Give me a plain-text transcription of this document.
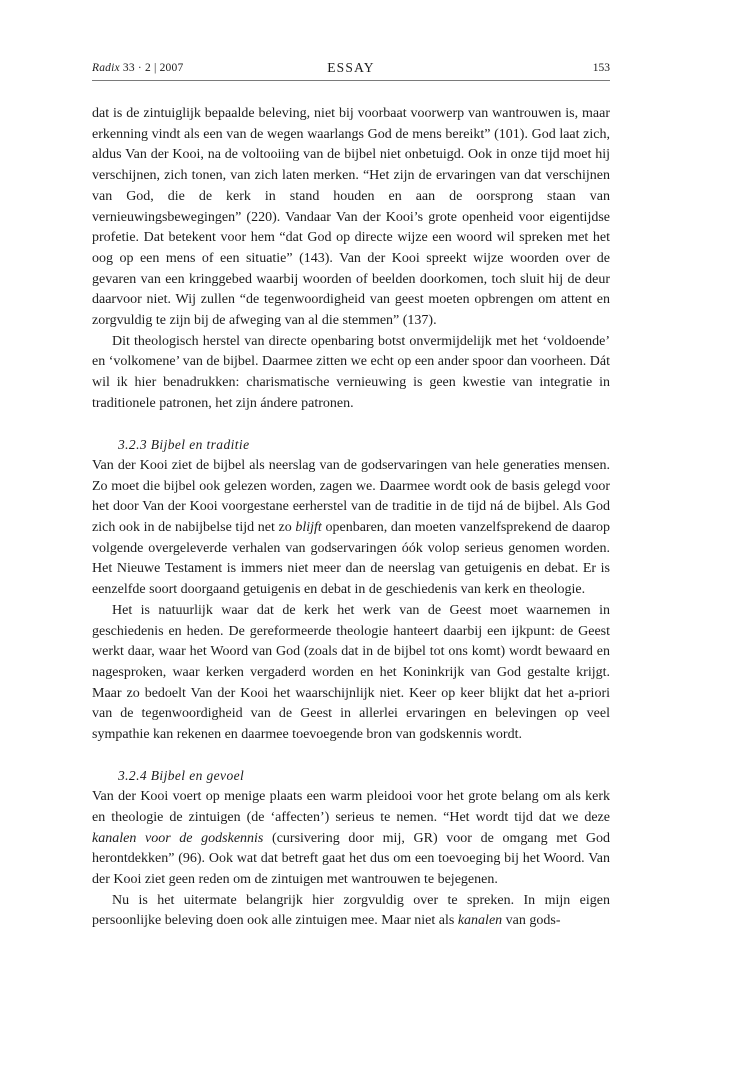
Radix 33 · 2 | 2007	ESSAY	153

dat is de zintuiglijk bepaalde beleving, niet bij voorbaat voorwerp van wantrouwen is, maar erkenning vindt als een van de wegen waarlangs God de mens bereikt” (101). God laat zich, aldus Van der Kooi, na de voltooiing van de bijbel niet onbetuigd. Ook in onze tijd moet hij verschijnen, zich tonen, van zich laten merken. “Het zijn de ervaringen van dat verschijnen van God, die de kerk in stand houden en aan de oorsprong staan van vernieuwingsbewegingen” (220). Vandaar Van der Kooi’s grote openheid voor eigentijdse profetie. Dat betekent voor hem “dat God op directe wijze een woord wil spreken met het oog op een mens of een situatie” (143). Van der Kooi spreekt wijze woorden over de gevaren van een kringgebed waarbij woorden of beelden doorkomen, toch sluit hij de deur daarvoor niet. Wij zullen “de tegenwoordigheid van geest moeten opbrengen om attent en zorgvuldig te zijn bij de afweging van al die stemmen” (137).

Dit theologisch herstel van directe openbaring botst onvermijdelijk met het ‘voldoende’ en ‘volkomene’ van de bijbel. Daarmee zitten we echt op een ander spoor dan voorheen. Dát wil ik hier benadrukken: charismatische vernieuwing is geen kwestie van integratie in traditionele patronen, het zijn ándere patronen.

3.2.3 Bijbel en traditie

Van der Kooi ziet de bijbel als neerslag van de godservaringen van hele generaties mensen. Zo moet die bijbel ook gelezen worden, zagen we. Daarmee wordt ook de basis gelegd voor het door Van der Kooi voorgestane eerherstel van de traditie in de tijd ná de bijbel. Als God zich ook in de nabijbelse tijd net zo blijft openbaren, dan moeten vanzelfsprekend de daarop volgende overgeleverde verhalen van godservaringen óók volop serieus genomen worden. Het Nieuwe Testament is immers niet meer dan de neerslag van getuigenis en debat. Er is eenzelfde soort doorgaand getuigenis en debat in de geschiedenis van kerk en theologie.

Het is natuurlijk waar dat de kerk het werk van de Geest moet waarnemen in geschiedenis en heden. De gereformeerde theologie hanteert daarbij een ijkpunt: de Geest werkt daar, waar het Woord van God (zoals dat in de bijbel tot ons komt) wordt bewaard en nagesproken, waar kerken vergaderd worden en het Koninkrijk van God gestalte krijgt. Maar zo bedoelt Van der Kooi het waarschijnlijk niet. Keer op keer blijkt dat het a-priori van de tegenwoordigheid van de Geest in allerlei ervaringen en belevingen op veel sympathie kan rekenen en daarmee toevoegende bron van godskennis wordt.

3.2.4 Bijbel en gevoel

Van der Kooi voert op menige plaats een warm pleidooi voor het grote belang om als kerk en theologie de zintuigen (de ‘affecten’) serieus te nemen. “Het wordt tijd dat we deze kanalen voor de godskennis (cursivering door mij, GR) voor de omgang met God herontdekken” (96). Ook wat dat betreft gaat het dus om een toevoeging bij het Woord. Van der Kooi ziet geen reden om de zintuigen met wantrouwen te bejegenen.

Nu is het uitermate belangrijk hier zorgvuldig over te spreken. In mijn eigen persoonlijke beleving doen ook alle zintuigen mee. Maar niet als kanalen van gods-
